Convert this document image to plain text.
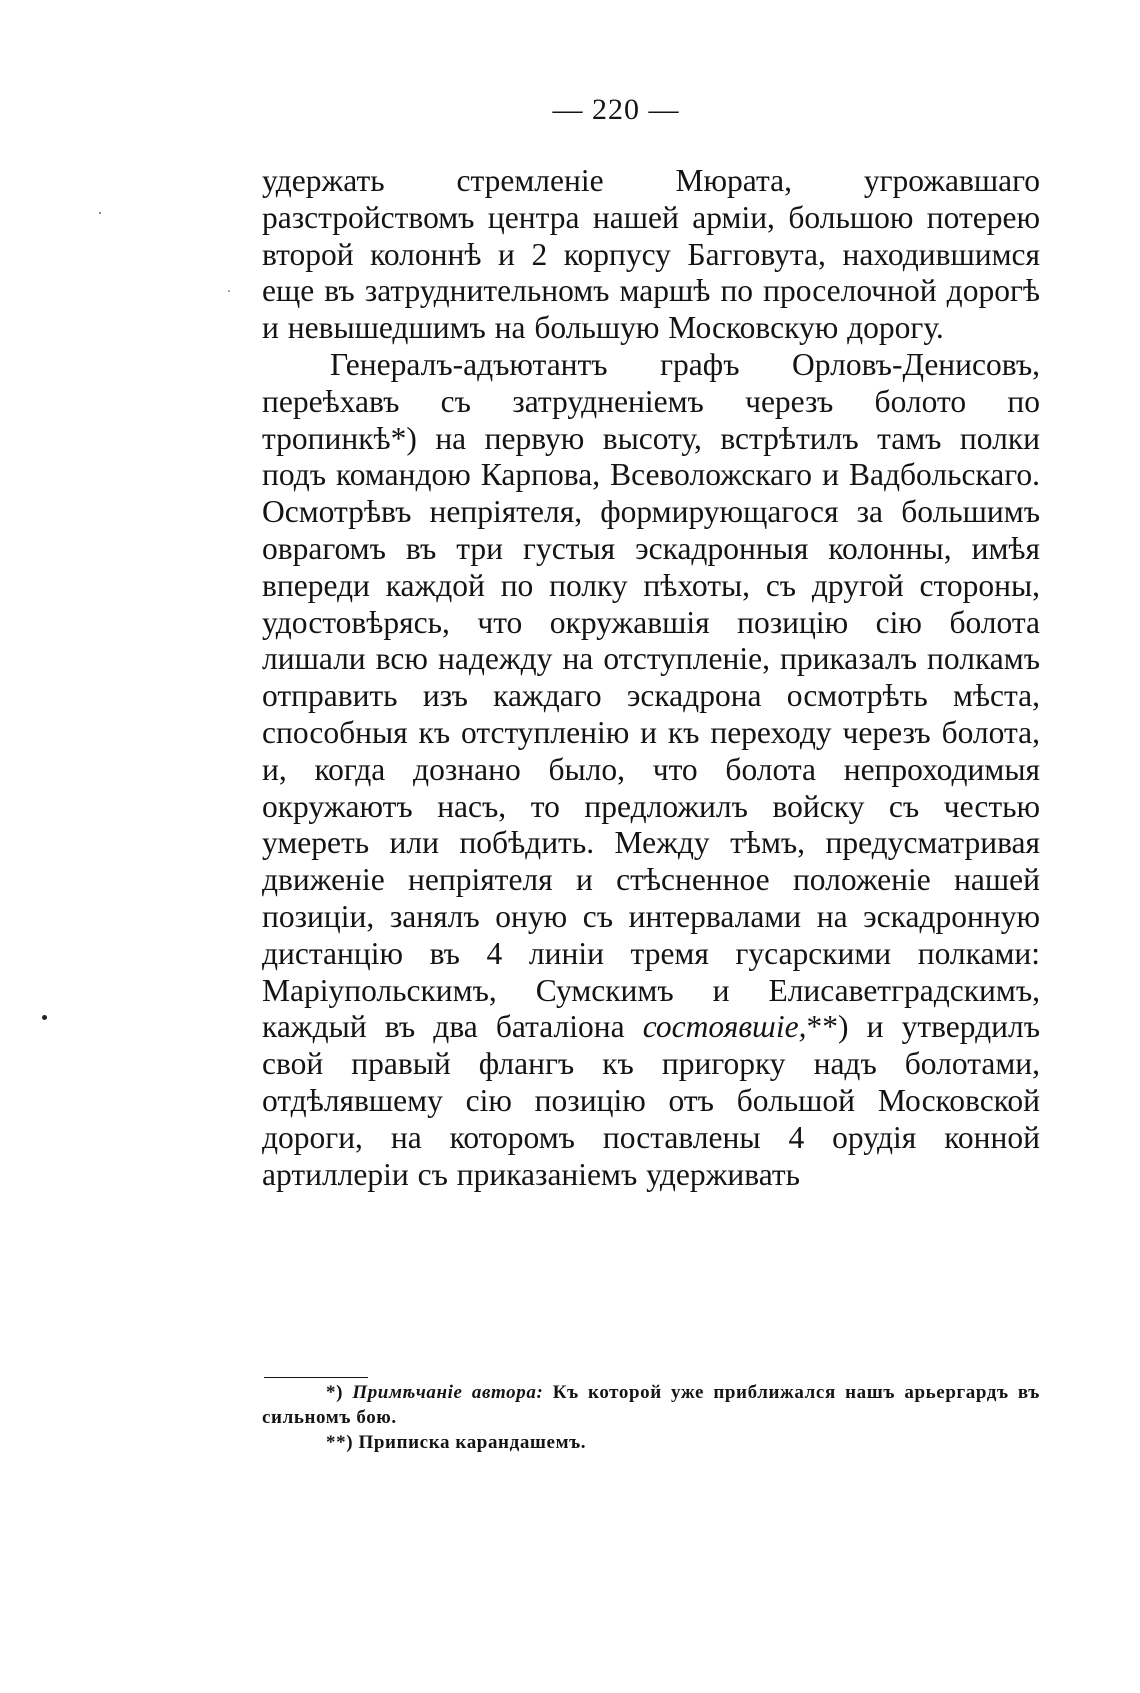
— 220 —

удержать стремленіе Мюрата, угрожавшаго разстройствомъ центра нашей арміи, большою потерею второй колоннѣ и 2 корпусу Багговута, находившимся еще въ затруднительномъ маршѣ по проселочной дорогѣ и невышедшимъ на большую Московскую дорогу.

Генералъ-адъютантъ графъ Орловъ-Денисовъ, переѣхавъ съ затрудненіемъ черезъ болото по тропинкѣ*) на первую высоту, встрѣтилъ тамъ полки подъ командою Карпова, Всеволожскаго и Вадбольскаго. Осмотрѣвъ непріятеля, формирующагося за большимъ оврагомъ въ три густыя эскадронныя колонны, имѣя впереди каждой по полку пѣхоты, съ другой стороны, удостовѣрясь, что окружавшія позицію сію болота лишали всю надежду на отступленіе, приказалъ полкамъ отправить изъ каждаго эскадрона осмотрѣть мѣста, способныя къ отступленію и къ переходу черезъ болота, и, когда дознано было, что болота непроходимыя окружаютъ насъ, то предложилъ войску съ честью умереть или побѣдить. Между тѣмъ, предусматривая движеніе непріятеля и стѣсненное положеніе нашей позиціи, занялъ оную съ интервалами на эскадронную дистанцію въ 4 линіи тремя гусарскими полками: Маріупольскимъ, Сумскимъ и Елисаветградскимъ, каждый въ два баталіона состоявшіе,**) и утвердилъ свой правый флангъ къ пригорку надъ болотами, отдѣлявшему сію позицію отъ большой Московской дороги, на которомъ поставлены 4 орудія конной артиллеріи съ приказаніемъ удерживать

*) Примѣчаніе автора: Къ которой уже приближался нашъ арьергардъ въ сильномъ бою.

**) Приписка карандашемъ.
